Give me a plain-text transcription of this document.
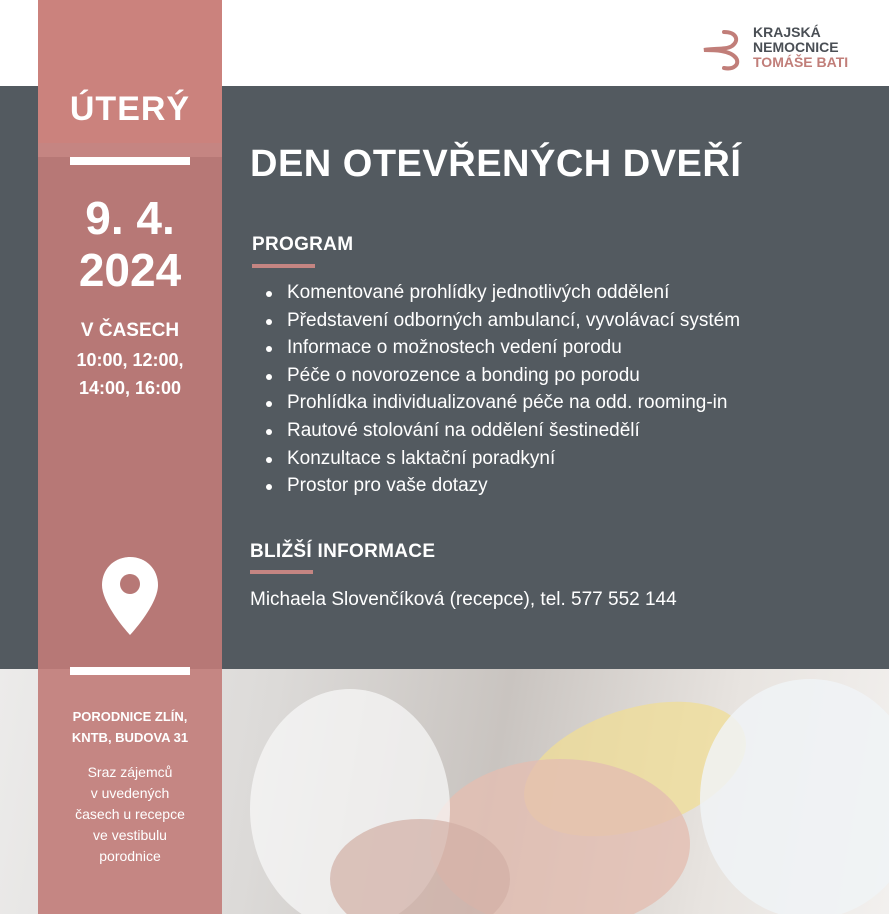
ÚTERÝ
9. 4.
2024
V ČASECH
10:00, 12:00,
14:00, 16:00
PORODNICE ZLÍN,
KNTB, BUDOVA 31
Sraz zájemců
v uvedených
časech u recepce
ve vestibulu
porodnice
KRAJSKÁ
NEMOCNICE
TOMÁŠE BATI
DEN OTEVŘENÝCH DVEŘÍ
PROGRAM
Komentované prohlídky jednotlivých oddělení
Představení odborných ambulancí, vyvolávací systém
Informace o možnostech vedení porodu
Péče o novorozence a bonding po porodu
Prohlídka individualizované péče na odd. rooming-in
Rautové stolování na oddělení šestinedělí
Konzultace s laktační poradkyní
Prostor pro vaše dotazy
BLIŽŠÍ INFORMACE
Michaela Slovenčíková (recepce), tel. 577 552 144
